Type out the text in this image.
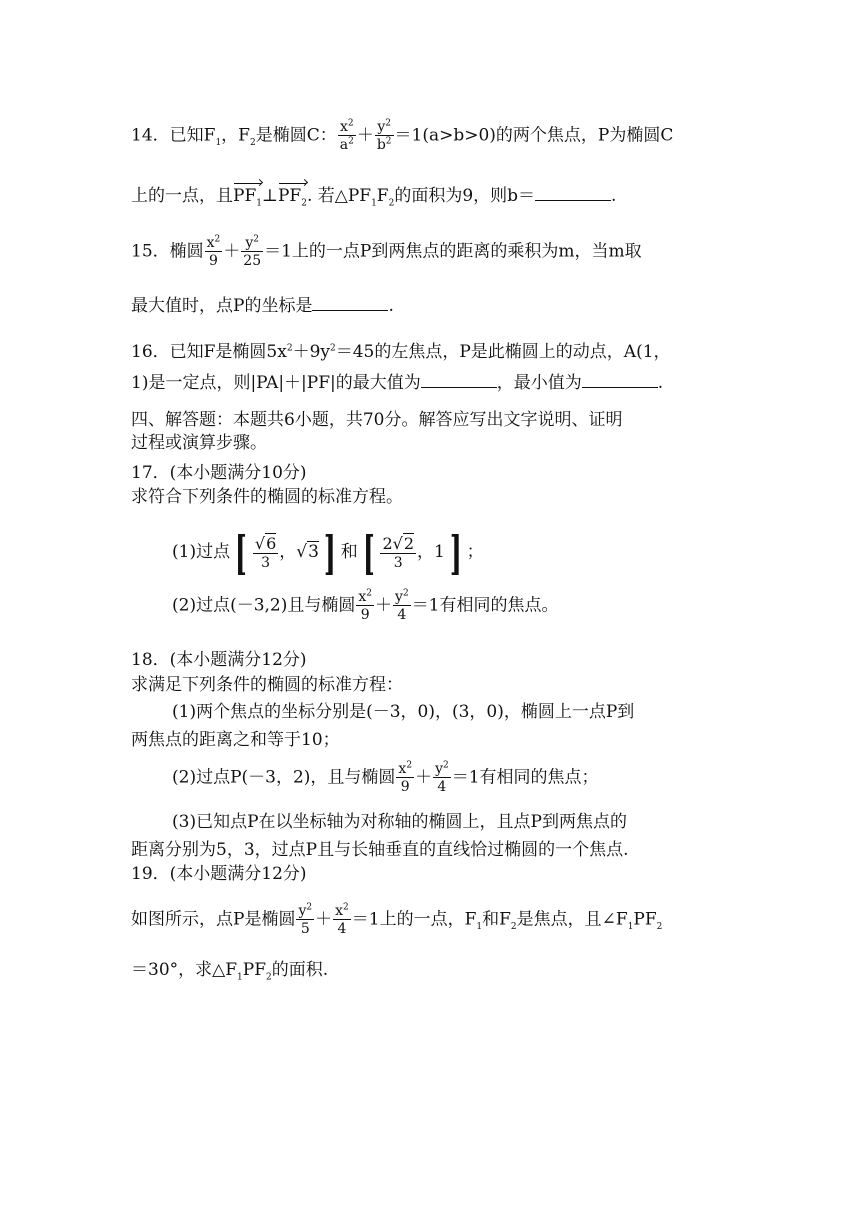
14．已知$F_1$，$F_2$是椭圆C： $\frac{x^2}{a^2} + \frac{y^2}{b^2} =1(a>b>0)$的两个焦点，P为椭圆C
上的一点，且$PF_1\perp PF_2$. 若$\triangle PF_1F_2$的面积为9，则b＝	.
15．椭圆 $\frac{x^2}{9} + \frac{y^2}{25} =1$上的一点P到两焦点的距离的乘积为m，当m取
最大值时，点P的坐标是	.
16．已知F是椭圆$5x^2+9y^2=45$的左焦点，P是此椭圆上的动点，A(1，
1)是一定点，则|PA|＋|PF|的最大值为	，最小值为	.
四、解答题：本题共6小题，共70分。解答应写出文字说明、证明
过程或演算步骤。
17．(本小题满分10分)
求符合下列条件的椭圆的标准方程。
(1)过点 [ $\frac{√6}{3}$ ，√3 ] 和 [ $\frac{2√2}{3}$ ，1 ] ；
(2)过点(－3,2)且与椭圆 $\frac{x^2}{9} + \frac{y^2}{4} =1$有相同的焦点。
18．(本小题满分12分)
求满足下列条件的椭圆的标准方程：
(1)两个焦点的坐标分别是(－3，0)，(3，0)，椭圆上一点P到
两焦点的距离之和等于10；
(2)过点P(－3，2)，且与椭圆 $\frac{x^2}{9} + \frac{y^2}{4} =1$有相同的焦点；
(3)已知点P在以坐标轴为对称轴的椭圆上，且点P到两焦点的
距离分别为5，3，过点P且与长轴垂直的直线恰过椭圆的一个焦点.
19．(本小题满分12分)
如图所示，点P是椭圆 $\frac{y^2}{5} + \frac{x^2}{4} =1$上的一点，$F_1$和$F_2$是焦点，且$\angle F_1PF_2$
＝30°，求$\triangle F_1PF_2$的面积.
